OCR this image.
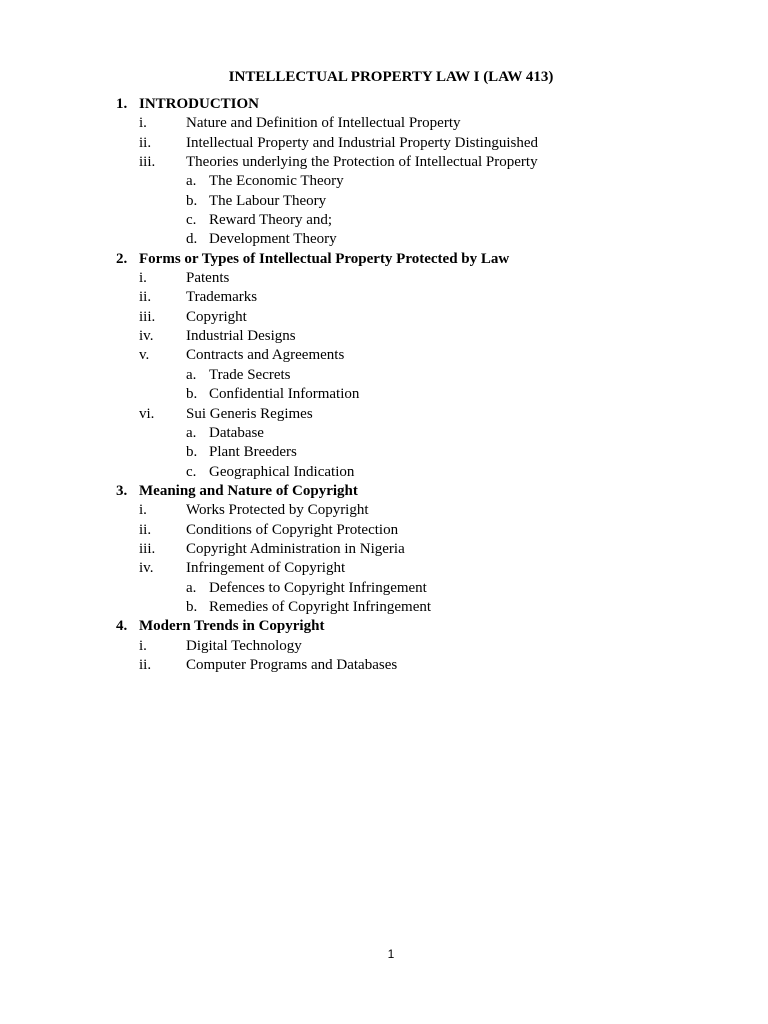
INTELLECTUAL PROPERTY LAW I (LAW 413)
1. INTRODUCTION
i.	Nature and Definition of Intellectual Property
ii. Intellectual Property and Industrial Property Distinguished
iii. Theories underlying the Protection of Intellectual Property
a. The Economic Theory
b. The Labour Theory
c. Reward Theory and;
d. Development Theory
2. Forms or Types of Intellectual Property Protected by Law
i.	Patents
ii. Trademarks
iii. Copyright
iv. Industrial Designs
v. Contracts and Agreements
a. Trade Secrets
b. Confidential Information
vi. Sui Generis Regimes
a. Database
b. Plant Breeders
c. Geographical Indication
3. Meaning and Nature of Copyright
i.	Works Protected by Copyright
ii. Conditions of Copyright Protection
iii. Copyright Administration in Nigeria
iv. Infringement of Copyright
a. Defences to Copyright Infringement
b. Remedies of Copyright Infringement
4. Modern Trends in Copyright
i.	Digital Technology
ii. Computer Programs and Databases
1
